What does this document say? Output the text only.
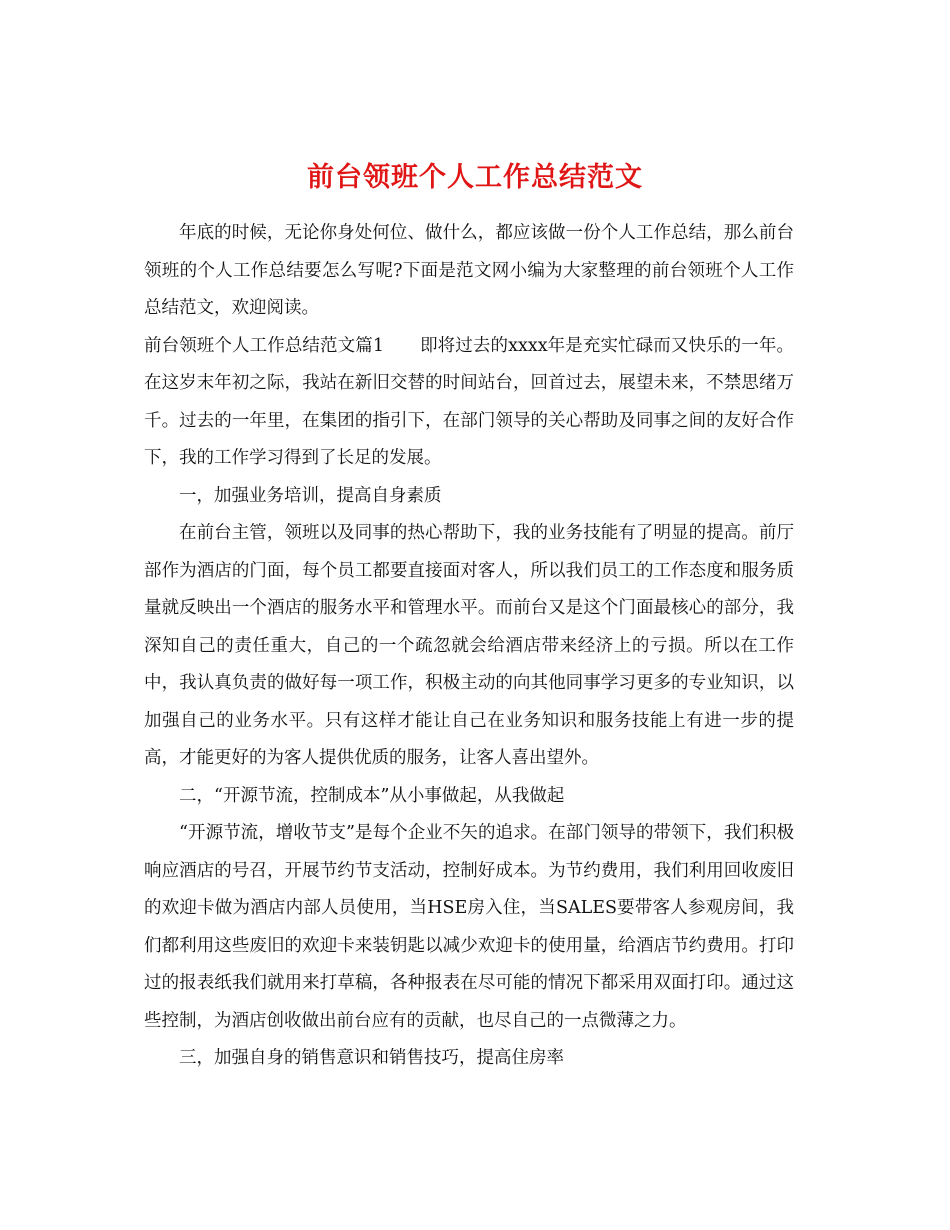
前台领班个人工作总结范文

年底的时候，无论你身处何位、做什么，都应该做一份个人工作总结，那么前台领班的个人工作总结要怎么写呢?下面是范文网小编为大家整理的前台领班个人工作总结范文，欢迎阅读。

前台领班个人工作总结范文篇1 即将过去的xxxx年是充实忙碌而又快乐的一年。在这岁末年初之际，我站在新旧交替的时间站台，回首过去，展望未来，不禁思绪万千。过去的一年里，在集团的指引下，在部门领导的关心帮助及同事之间的友好合作下，我的工作学习得到了长足的发展。

一，加强业务培训，提高自身素质

在前台主管，领班以及同事的热心帮助下，我的业务技能有了明显的提高。前厅部作为酒店的门面，每个员工都要直接面对客人，所以我们员工的工作态度和服务质量就反映出一个酒店的服务水平和管理水平。而前台又是这个门面最核心的部分，我深知自己的责任重大，自己的一个疏忽就会给酒店带来经济上的亏损。所以在工作中，我认真负责的做好每一项工作，积极主动的向其他同事学习更多的专业知识，以加强自己的业务水平。只有这样才能让自己在业务知识和服务技能上有进一步的提高，才能更好的为客人提供优质的服务，让客人喜出望外。

二，“开源节流，控制成本”从小事做起，从我做起

“开源节流，增收节支”是每个企业不矢的追求。在部门领导的带领下，我们积极响应酒店的号召，开展节约节支活动，控制好成本。为节约费用，我们利用回收废旧的欢迎卡做为酒店内部人员使用，当HSE房入住，当SALES要带客人参观房间，我们都利用这些废旧的欢迎卡来装钥匙以减少欢迎卡的使用量，给酒店节约费用。打印过的报表纸我们就用来打草稿，各种报表在尽可能的情况下都采用双面打印。通过这些控制，为酒店创收做出前台应有的贡献，也尽自己的一点微薄之力。

三，加强自身的销售意识和销售技巧，提高住房率
